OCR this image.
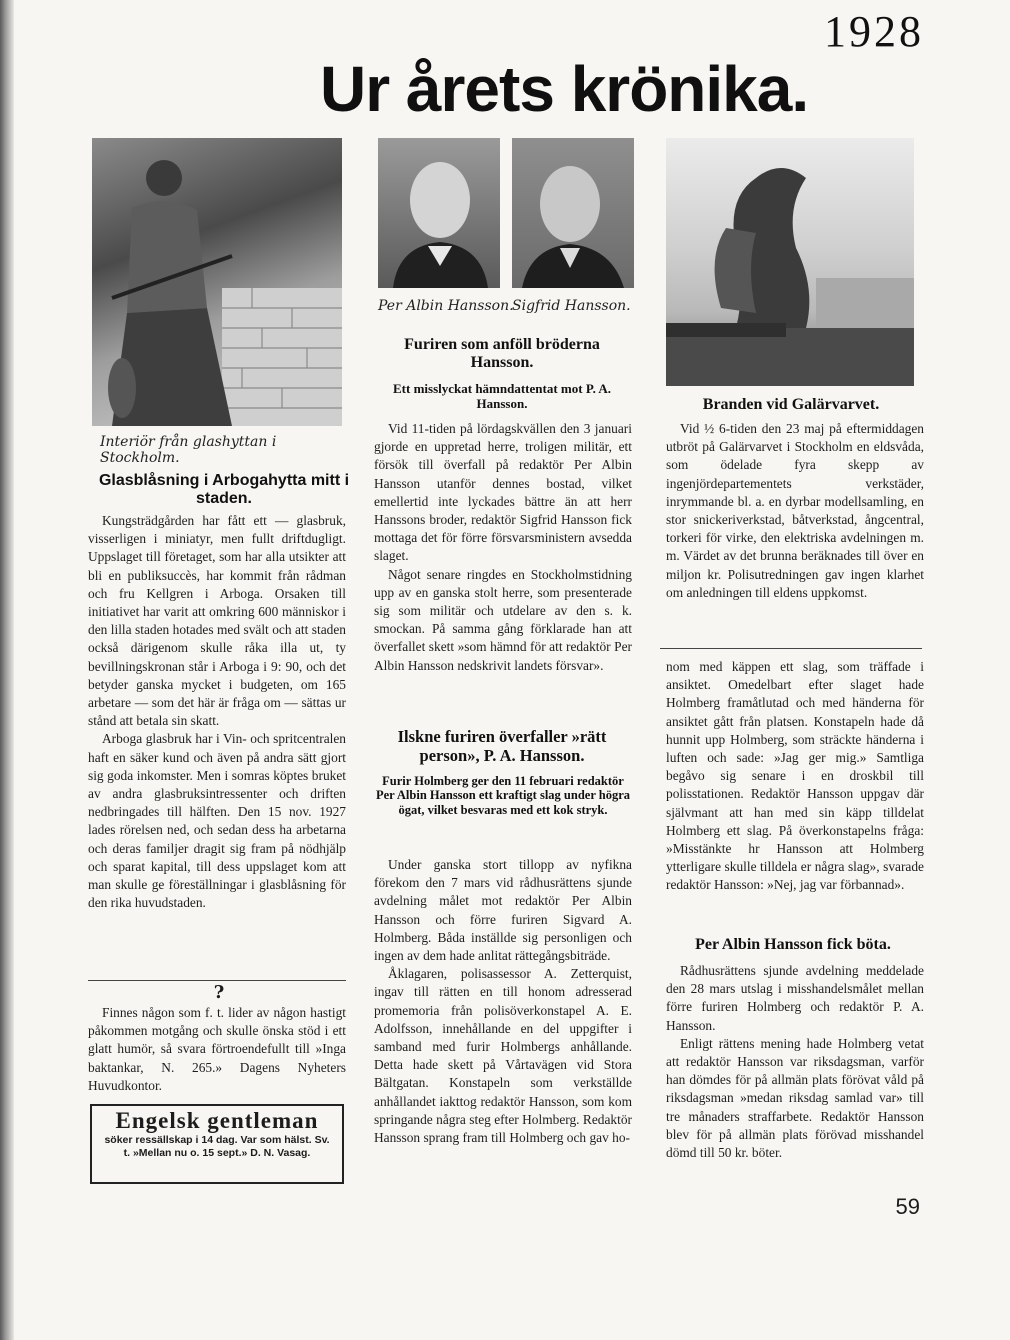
1928
Ur årets krönika.
Interiör från glashyttan i Stockholm.
Per Albin Hansson.
Sigfrid Hansson.
Glasblåsning i Arbogahytta mitt i staden.

Kungsträdgården har fått ett — glasbruk, visserligen i miniatyr, men fullt driftdugligt. Uppslaget till företaget, som har alla utsikter att bli en publiksuccès, har kommit från rådman och fru Kellgren i Arboga. Orsaken till initiativet har varit att omkring 600 människor i den lilla staden hotades med svält och att staden också därigenom skulle råka illa ut, ty bevillningskronan står i Arboga i 9: 90, och det betyder ganska mycket i budgeten, om 165 arbetare — som det här är fråga om — sättas ur stånd att betala sin skatt.

Arboga glasbruk har i Vin- och spritcentralen haft en säker kund och även på andra sätt gjort sig goda inkomster. Men i somras köptes bruket av andra glasbruksintressenter och driften nedbringades till hälften. Den 15 nov. 1927 lades rörelsen ned, och sedan dess ha arbetarna och deras familjer dragit sig fram på nödhjälp och sparat kapital, till dess uppslaget kom att man skulle ge föreställningar i glasblåsning för den rika huvudstaden.

?

Finnes någon som f. t. lider av någon hastigt påkommen motgång och skulle önska stöd i ett glatt humör, så svara förtroendefullt till »Inga baktankar, N. 265.» Dagens Nyheters Huvudkontor.

Engelsk gentleman
söker ressällskap i 14 dag. Var som hälst. Sv. t. »Mellan nu o. 15 sept.» D. N. Vasag.
Furiren som anföll bröderna Hansson.
Ett misslyckat hämndattentat mot P. A. Hansson.

Vid 11-tiden på lördagskvällen den 3 januari gjorde en uppretad herre, troligen militär, ett försök till överfall på redaktör Per Albin Hansson utanför dennes bostad, vilket emellertid inte lyckades bättre än att herr Hanssons broder, redaktör Sigfrid Hansson fick mottaga det för förre försvarsministern avsedda slaget.

Något senare ringdes en Stockholmstidning upp av en ganska stolt herre, som presenterade sig som militär och utdelare av den s. k. smockan. På samma gång förklarade han att överfallet skett »som hämnd för att redaktör Per Albin Hansson nedskrivit landets försvar».

Ilskne furiren överfaller »rätt person», P. A. Hansson.
Furir Holmberg ger den 11 februari redaktör Per Albin Hansson ett kraftigt slag under högra ögat, vilket besvaras med ett kok stryk.

Under ganska stort tillopp av nyfikna förekom den 7 mars vid rådhusrättens sjunde avdelning målet mot redaktör Per Albin Hansson och förre furiren Sigvard A. Holmberg. Båda inställde sig personligen och ingen av dem hade anlitat rättegångsbiträde.

Åklagaren, polisassessor A. Zetterquist, ingav till rätten en till honom adresserad promemoria från polisöverkonstapel A. E. Adolfsson, innehållande en del uppgifter i samband med furir Holmbergs anhållande. Detta hade skett på Vårtavägen vid Stora Bältgatan. Konstapeln som verkställde anhållandet iakttog redaktör Hansson, som kom springande några steg efter Holmberg. Redaktör Hansson sprang fram till Holmberg och gav ho-

Branden vid Galärvarvet.

Vid ½ 6-tiden den 23 maj på eftermiddagen utbröt på Galärvarvet i Stockholm en eldsvåda, som ödelade fyra skepp av ingenjördepartementets verkstäder, inrymmande bl. a. en dyrbar modellsamling, en stor snickeriverkstad, båtverkstad, ångcentral, torkeri för virke, den elektriska avdelningen m. m. Värdet av det brunna beräknades till över en miljon kr. Polisutredningen gav ingen klarhet om anledningen till eldens uppkomst.

nom med käppen ett slag, som träffade i ansiktet. Omedelbart efter slaget hade Holmberg framåtlutad och med händerna för ansiktet gått från platsen. Konstapeln hade då hunnit upp Holmberg, som sträckte händerna i luften och sade: »Jag ger mig.» Samtliga begåvo sig senare i en droskbil till polisstationen. Redaktör Hansson uppgav där självmant att han med sin käpp tilldelat Holmberg ett slag. På överkonstapelns fråga: »Misstänkte hr Hansson att Holmberg ytterligare skulle tilldela er några slag», svarade redaktör Hansson: »Nej, jag var förbannad».

Per Albin Hansson fick böta.

Rådhusrättens sjunde avdelning meddelade den 28 mars utslag i misshandelsmålet mellan förre furiren Holmberg och redaktör P. A. Hansson.

Enligt rättens mening hade Holmberg vetat att redaktör Hansson var riksdagsman, varför han dömdes för på allmän plats förövat våld på riksdagsman »medan riksdag samlad var» till tre månaders straffarbete. Redaktör Hansson blev för på allmän plats förövad misshandel dömd till 50 kr. böter.

59
